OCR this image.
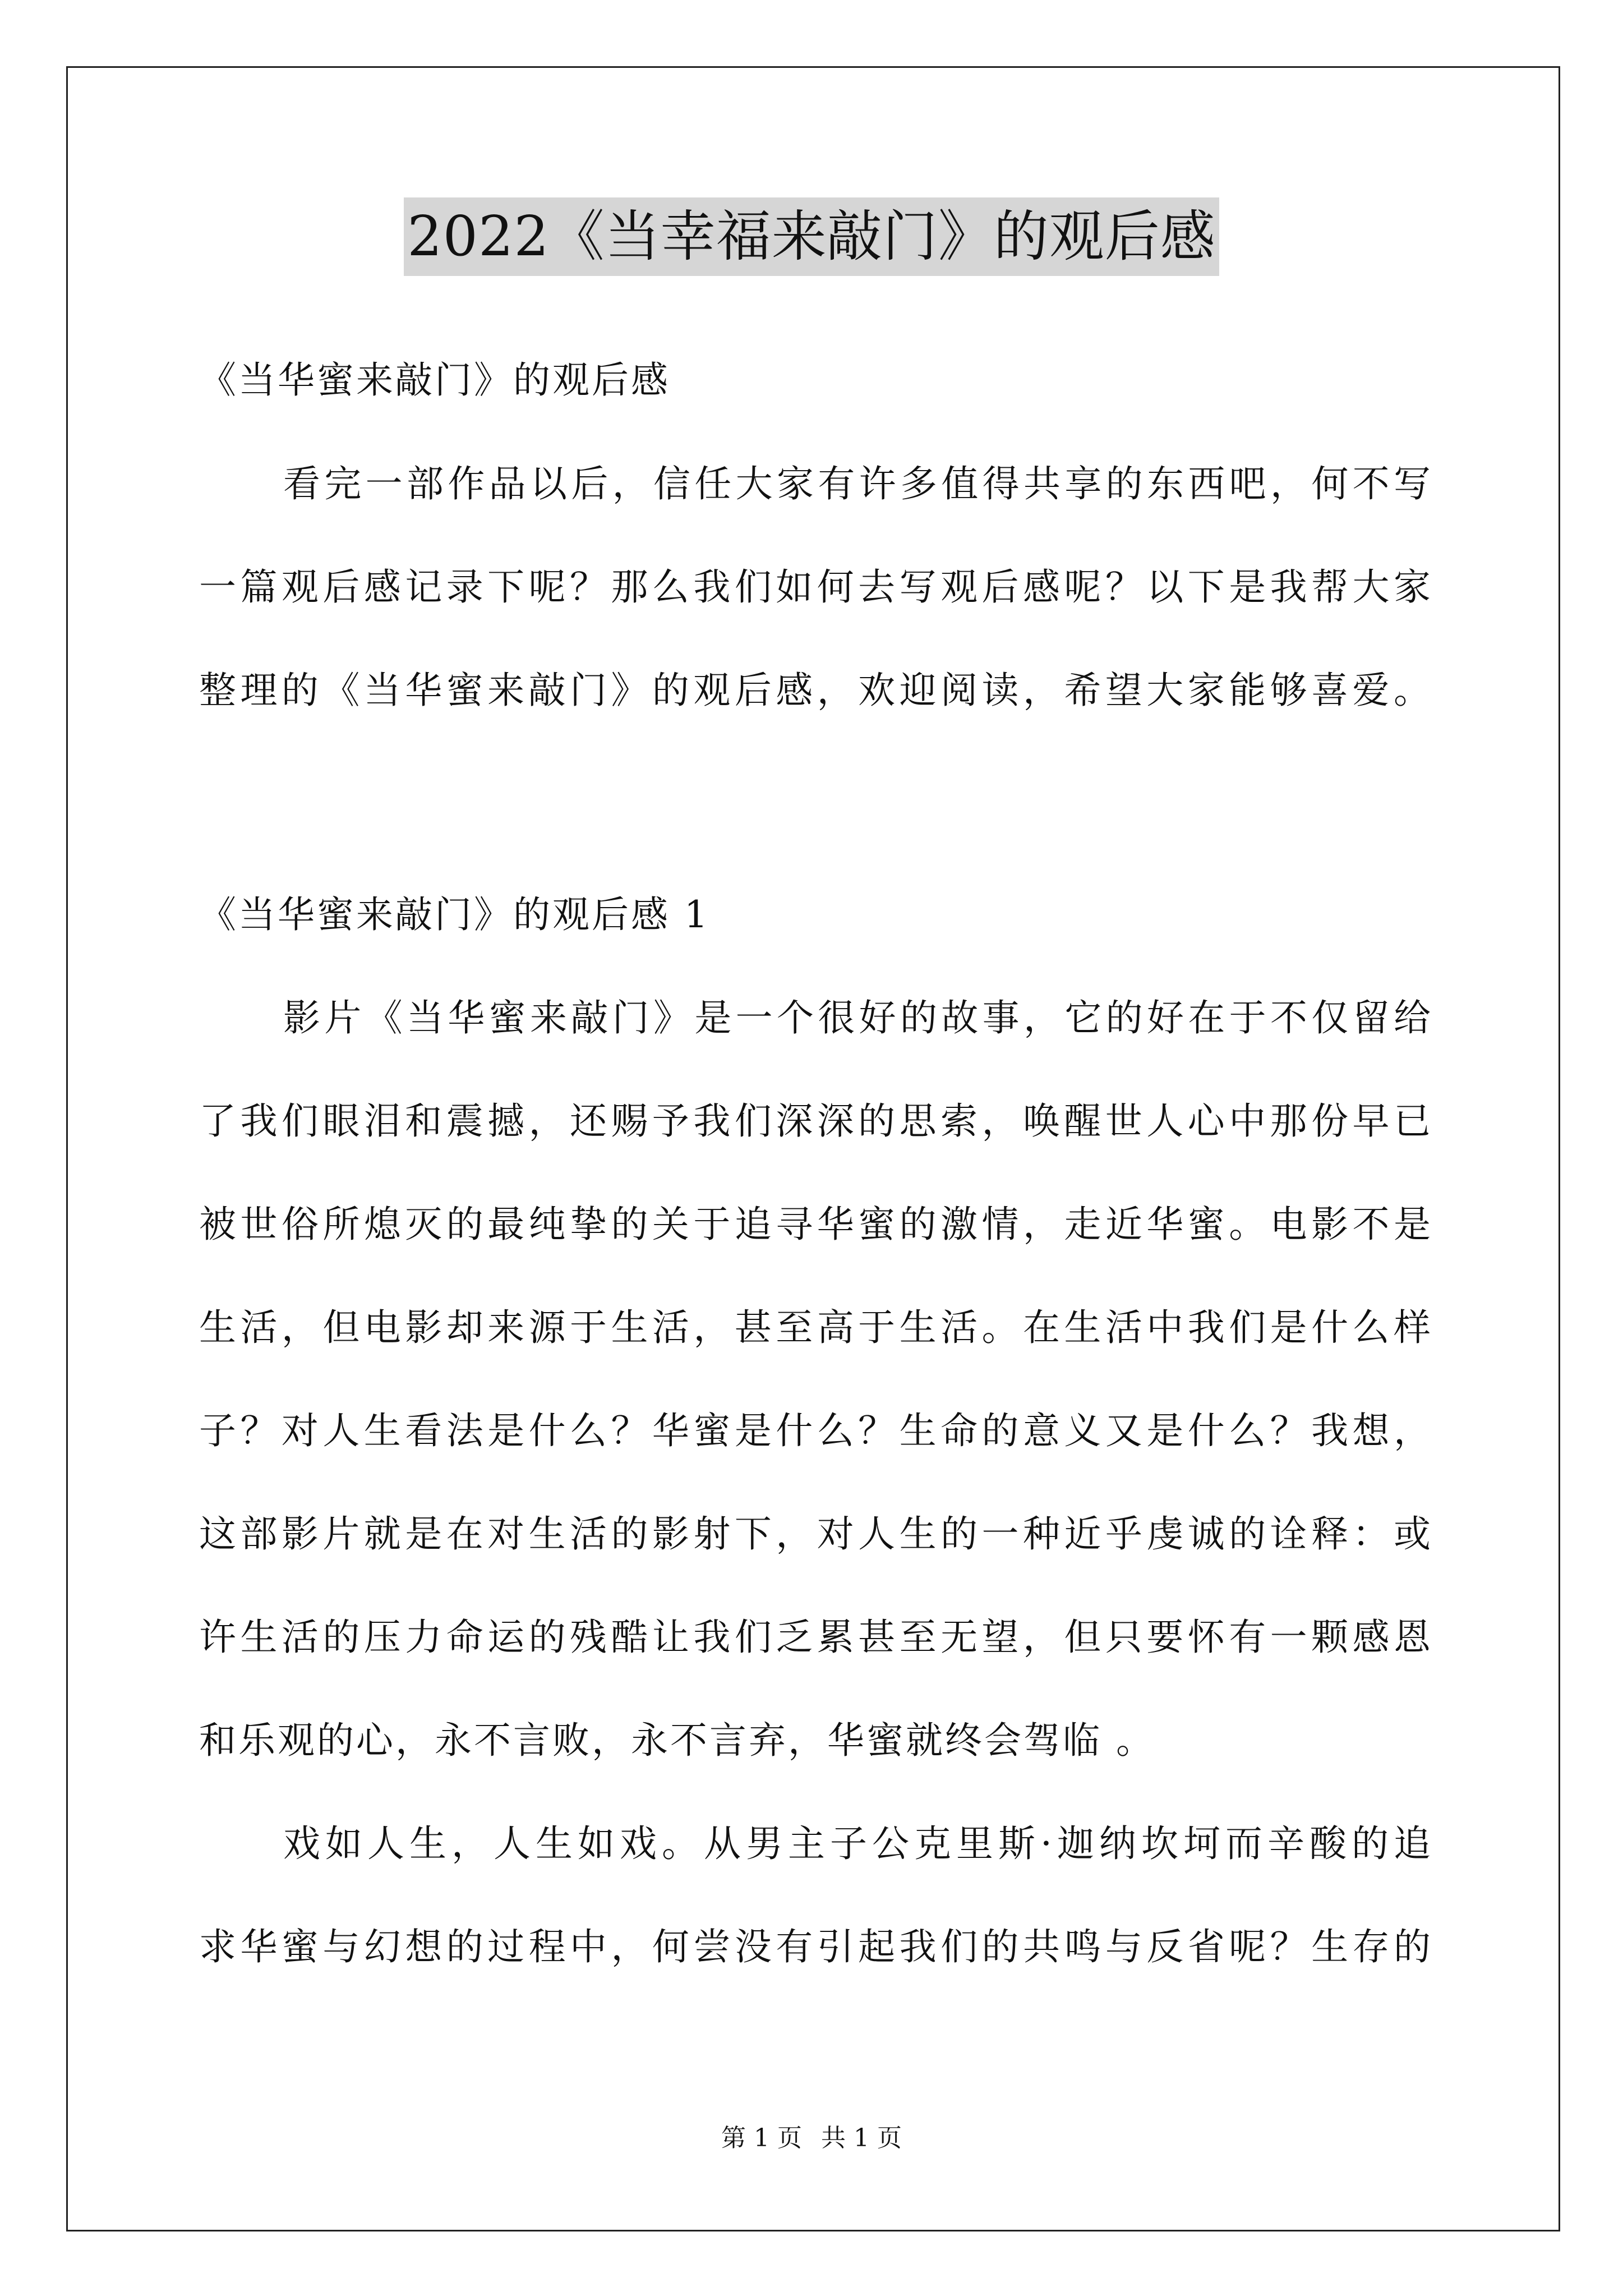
2022《当幸福来敲门》的观后感
《当华蜜来敲门》的观后感
看完一部作品以后，信任大家有许多值得共享的东西吧，何不写
一篇观后感记录下呢？那么我们如何去写观后感呢？以下是我帮大家
整理的《当华蜜来敲门》的观后感，欢迎阅读，希望大家能够喜爱。
《当华蜜来敲门》的观后感 1
影片《当华蜜来敲门》是一个很好的故事，它的好在于不仅留给
了我们眼泪和震撼，还赐予我们深深的思索，唤醒世人心中那份早已
被世俗所熄灭的最纯挚的关于追寻华蜜的激情，走近华蜜。电影不是
生活，但电影却来源于生活，甚至高于生活。在生活中我们是什么样
子？对人生看法是什么？华蜜是什么？生命的意义又是什么？我想，
这部影片就是在对生活的影射下，对人生的一种近乎虔诚的诠释：或
许生活的压力命运的残酷让我们乏累甚至无望，但只要怀有一颗感恩
和乐观的心，永不言败，永不言弃，华蜜就终会驾临 。
戏如人生，人生如戏。从男主子公克里斯·迦纳坎坷而辛酸的追
求华蜜与幻想的过程中，何尝没有引起我们的共鸣与反省呢？生存的
第 1 页 共 1 页
